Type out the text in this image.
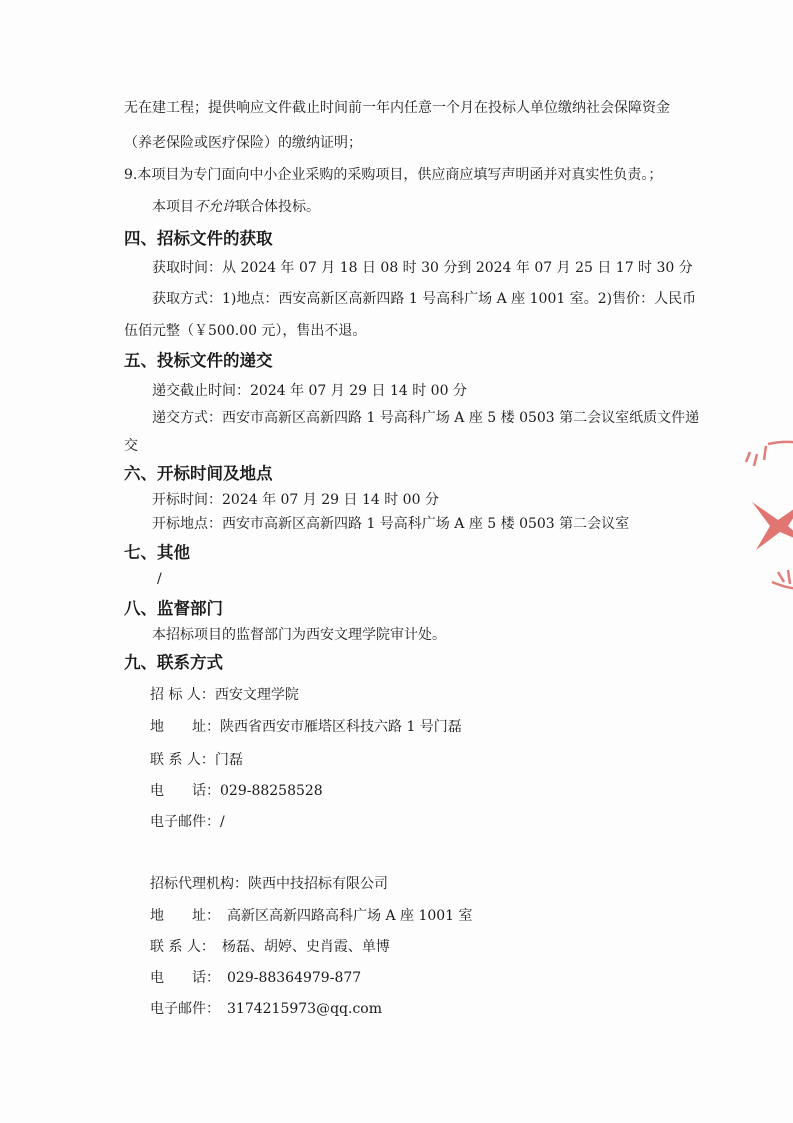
无在建工程；提供响应文件截止时间前一年内任意一个月在投标人单位缴纳社会保障资金
（养老保险或医疗保险）的缴纳证明；
9.本项目为专门面向中小企业采购的采购项目，供应商应填写声明函并对真实性负责。；
本项目不允许联合体投标。
四、招标文件的获取
获取时间：从 2024 年 07 月 18 日 08 时 30 分到 2024 年 07 月 25 日 17 时 30 分
获取方式：1)地点：西安高新区高新四路 1 号高科广场 A 座 1001 室。2)售价：人民币
伍佰元整（￥500.00 元），售出不退。
五、投标文件的递交
递交截止时间：2024 年 07 月 29 日 14 时 00 分
递交方式：西安市高新区高新四路 1 号高科广场 A 座 5 楼 0503 第二会议室纸质文件递
交
六、开标时间及地点
开标时间：2024 年 07 月 29 日 14 时 00 分
开标地点：西安市高新区高新四路 1 号高科广场 A 座 5 楼 0503 第二会议室
七、其他
/
八、监督部门
本招标项目的监督部门为西安文理学院审计处。
九、联系方式
招 标 人：西安文理学院
地　　址：陕西省西安市雁塔区科技六路 1 号门磊
联 系 人：门磊
电　　话：029-88258528
电子邮件：/
招标代理机构：陕西中技招标有限公司
地　　址：　高新区高新四路高科广场 A 座 1001 室
联 系 人：　杨磊、胡婷、史肖霞、单博
电　　话：　029-88364979-877
电子邮件：　3174215973@qq.com
